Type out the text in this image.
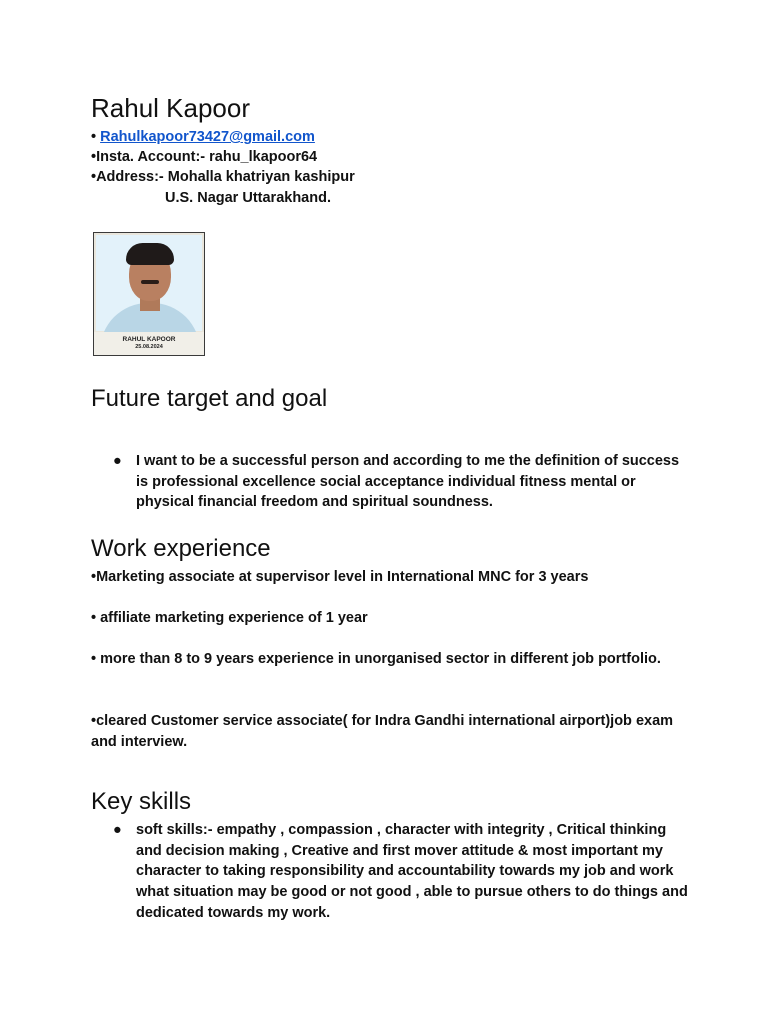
Rahul Kapoor
• Rahulkapoor73427@gmail.com
•Insta. Account:- rahu_lkapoor64
•Address:- Mohalla khatriyan kashipur
U.S. Nagar Uttarakhand.
RAHUL KAPOOR
25.08.2024
Future target and goal
● I want to be a successful person and according to me the definition of success is professional excellence social acceptance individual fitness mental or physical financial freedom and spiritual soundness.
Work experience
•Marketing associate at supervisor level in International MNC for 3 years
• affiliate marketing experience of 1 year
• more than 8 to 9 years experience in unorganised sector in different job portfolio.
•cleared Customer service associate( for Indra Gandhi international airport)job exam and interview.
Key skills
● soft skills:- empathy , compassion , character with integrity , Critical thinking and decision making , Creative and first mover attitude & most important my character to taking responsibility and accountability towards my job and work what situation may be good or not good , able to pursue others to do things and dedicated towards my work.
